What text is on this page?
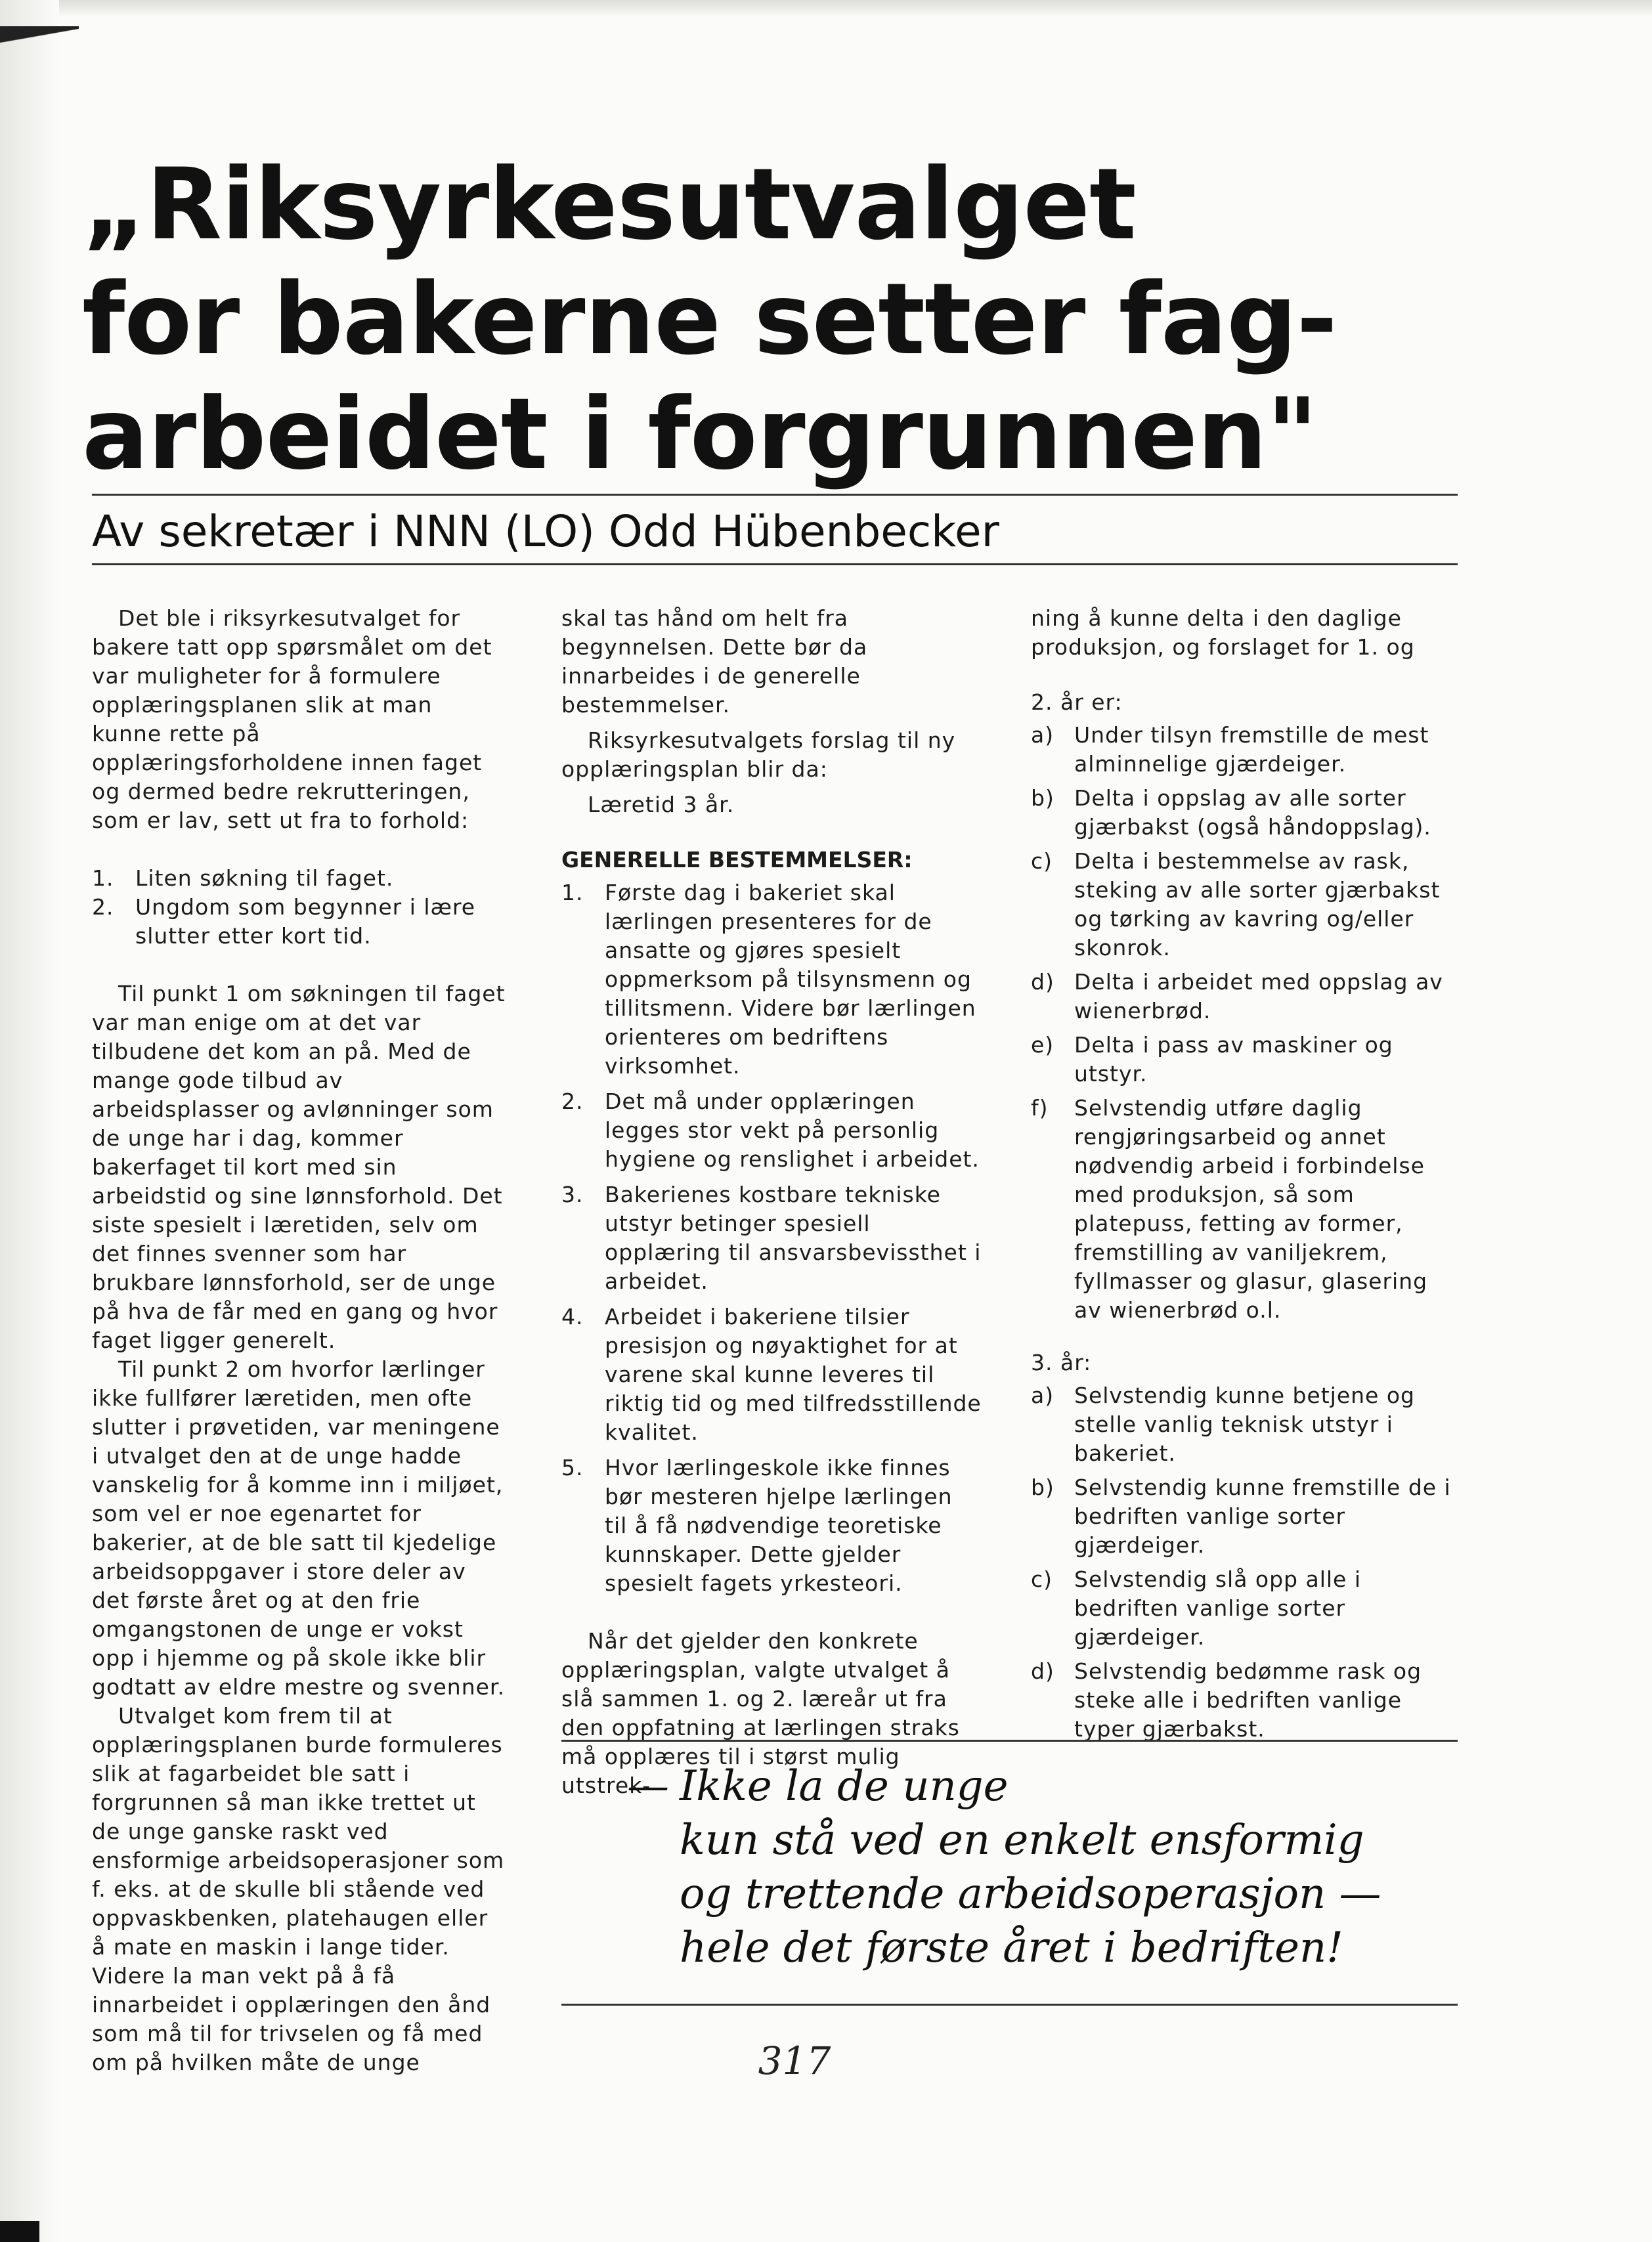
„Riksyrkesutvalget
for bakerne setter fag-
arbeidet i forgrunnen"
Av sekretær i NNN (LO) Odd Hübenbecker

Det ble i riksyrkesutvalget for bakere tatt opp spørsmålet om det var muligheter for å formulere opplæringsplanen slik at man kunne rette på opplæringsforholdene innen faget og dermed bedre rekrutteringen, som er lav, sett ut fra to forhold:

1. Liten søkning til faget.
2. Ungdom som begynner i lære slutter etter kort tid.

Til punkt 1 om søkningen til faget var man enige om at det var tilbudene det kom an på. Med de mange gode tilbud av arbeidsplasser og avlønninger som de unge har i dag, kommer bakerfaget til kort med sin arbeidstid og sine lønnsforhold. Det siste spesielt i læretiden, selv om det finnes svenner som har brukbare lønnsforhold, ser de unge på hva de får med en gang og hvor faget ligger generelt.

Til punkt 2 om hvorfor lærlinger ikke fullfører læretiden, men ofte slutter i prøvetiden, var meningene i utvalget den at de unge hadde vanskelig for å komme inn i miljøet, som vel er noe egenartet for bakerier, at de ble satt til kjedelige arbeidsoppgaver i store deler av det første året og at den frie omgangstonen de unge er vokst opp i hjemme og på skole ikke blir godtatt av eldre mestre og svenner.

Utvalget kom frem til at opplæringsplanen burde formuleres slik at fagarbeidet ble satt i forgrunnen så man ikke trettet ut de unge ganske raskt ved ensformige arbeidsoperasjoner som f. eks. at de skulle bli stående ved oppvaskbenken, platehaugen eller å mate en maskin i lange tider. Videre la man vekt på å få innarbeidet i opplæringen den ånd som må til for trivselen og få med om på hvilken måte de unge

skal tas hånd om helt fra begynnelsen. Dette bør da innarbeides i de generelle bestemmelser.

Riksyrkesutvalgets forslag til ny opplæringsplan blir da:

Læretid 3 år.

GENERELLE BESTEMMELSER:

1. Første dag i bakeriet skal lærlingen presenteres for de ansatte og gjøres spesielt oppmerksom på tilsynsmenn og tillitsmenn. Videre bør lærlingen orienteres om bedriftens virksomhet.
2. Det må under opplæringen legges stor vekt på personlig hygiene og renslighet i arbeidet.
3. Bakerienes kostbare tekniske utstyr betinger spesiell opplæring til ansvarsbevissthet i arbeidet.
4. Arbeidet i bakeriene tilsier presisjon og nøyaktighet for at varene skal kunne leveres til riktig tid og med tilfredsstillende kvalitet.
5. Hvor lærlingeskole ikke finnes bør mesteren hjelpe lærlingen til å få nødvendige teoretiske kunnskaper. Dette gjelder spesielt fagets yrkesteori.

Når det gjelder den konkrete opplæringsplan, valgte utvalget å slå sammen 1. og 2. læreår ut fra den oppfatning at lærlingen straks må opplæres til i størst mulig utstrek-

ning å kunne delta i den daglige produksjon, og forslaget for 1. og

2. år er:

a) Under tilsyn fremstille de mest alminnelige gjærdeiger.
b) Delta i oppslag av alle sorter gjærbakst (også håndoppslag).
c) Delta i bestemmelse av rask, steking av alle sorter gjærbakst og tørking av kavring og/eller skonrok.
d) Delta i arbeidet med oppslag av wienerbrød.
e) Delta i pass av maskiner og utstyr.
f)	Selvstendig utføre daglig rengjøringsarbeid og annet nødvendig arbeid i forbindelse med produksjon, så som platepuss, fetting av former, fremstilling av vaniljekrem, fyllmasser og glasur, glasering av wienerbrød o.l.

3. år:

a) Selvstendig kunne betjene og stelle vanlig teknisk utstyr i bakeriet.
b) Selvstendig kunne fremstille de i bedriften vanlige sorter gjærdeiger.
c) Selvstendig slå opp alle i bedriften vanlige sorter gjærdeiger.
d) Selvstendig bedømme rask og steke alle i bedriften vanlige typer gjærbakst.
— Ikke la de unge
kun stå ved en enkelt ensformig
og trettende arbeidsoperasjon —
hele det første året i bedriften!
317
